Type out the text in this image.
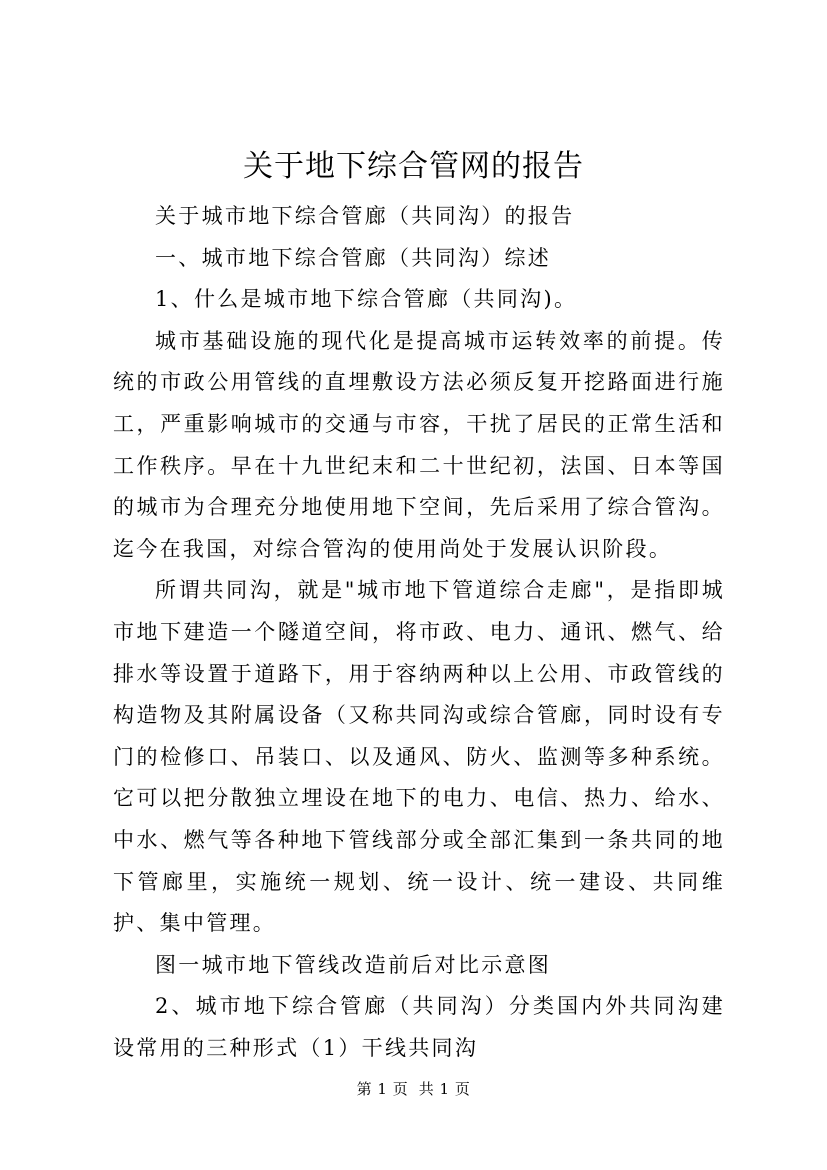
关于地下综合管网的报告

关于城市地下综合管廊（共同沟）的报告

一、城市地下综合管廊（共同沟）综述

1、什么是城市地下综合管廊（共同沟)。

城市基础设施的现代化是提高城市运转效率的前提。传统的市政公用管线的直埋敷设方法必须反复开挖路面进行施工，严重影响城市的交通与市容，干扰了居民的正常生活和工作秩序。早在十九世纪末和二十世纪初，法国、日本等国的城市为合理充分地使用地下空间，先后采用了综合管沟。迄今在我国，对综合管沟的使用尚处于发展认识阶段。

所谓共同沟，就是"城市地下管道综合走廊"，是指即城市地下建造一个隧道空间，将市政、电力、通讯、燃气、给排水等设置于道路下，用于容纳两种以上公用、市政管线的构造物及其附属设备（又称共同沟或综合管廊，同时设有专门的检修口、吊装口、以及通风、防火、监测等多种系统。它可以把分散独立埋设在地下的电力、电信、热力、给水、中水、燃气等各种地下管线部分或全部汇集到一条共同的地下管廊里，实施统一规划、统一设计、统一建设、共同维护、集中管理。

图一城市地下管线改造前后对比示意图

2、城市地下综合管廊（共同沟）分类国内外共同沟建设常用的三种形式（1）干线共同沟

第 1 页  共 1 页
